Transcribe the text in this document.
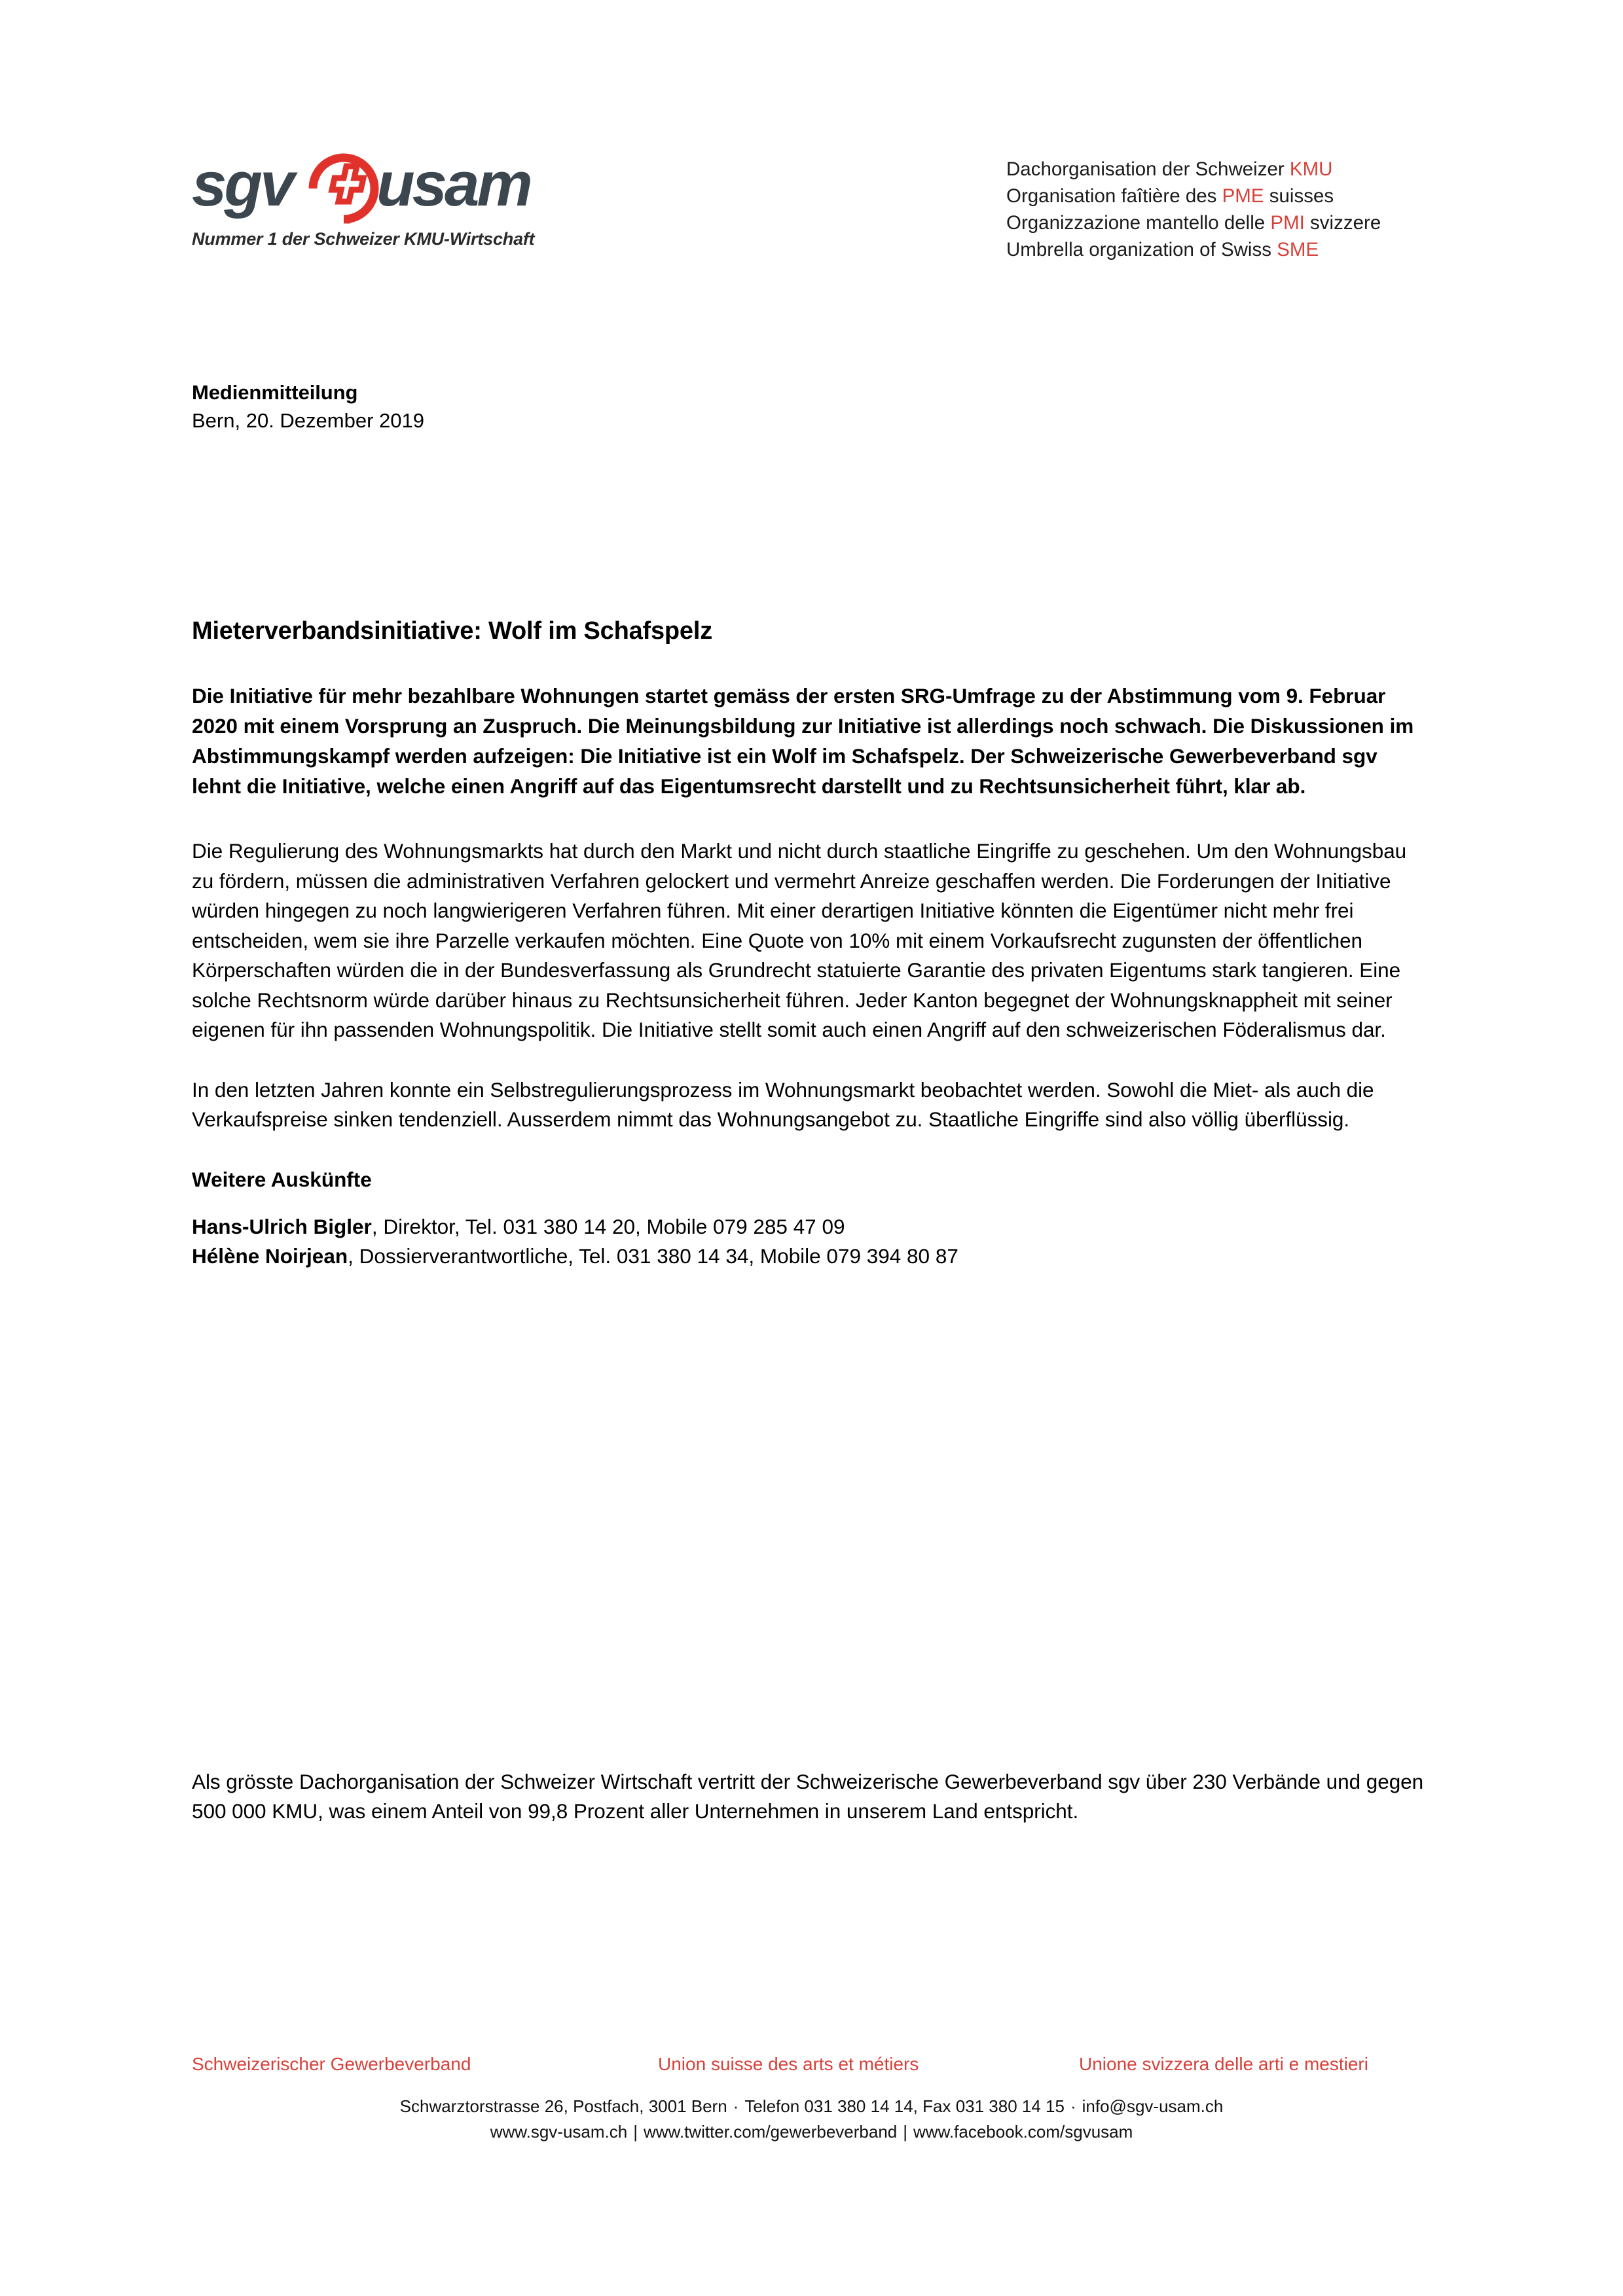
sgv usam
Nummer 1 der Schweizer KMU-Wirtschaft
Dachorganisation der Schweizer KMU
Organisation faîtière des PME suisses
Organizzazione mantello delle PMI svizzere
Umbrella organization of Swiss SME
Medienmitteilung
Bern, 20. Dezember 2019
Mieterverbandsinitiative: Wolf im Schafspelz

Die Initiative für mehr bezahlbare Wohnungen startet gemäss der ersten SRG-Umfrage zu der Abstimmung vom 9. Februar 2020 mit einem Vorsprung an Zuspruch. Die Meinungsbildung zur Initiative ist allerdings noch schwach. Die Diskussionen im Abstimmungskampf werden aufzeigen: Die Initiative ist ein Wolf im Schafspelz. Der Schweizerische Gewerbeverband sgv lehnt die Initiative, welche einen Angriff auf das Eigentumsrecht darstellt und zu Rechtsunsicherheit führt, klar ab.

Die Regulierung des Wohnungsmarkts hat durch den Markt und nicht durch staatliche Eingriffe zu geschehen. Um den Wohnungsbau zu fördern, müssen die administrativen Verfahren gelockert und vermehrt Anreize geschaffen werden. Die Forderungen der Initiative würden hingegen zu noch langwierigeren Verfahren führen. Mit einer derartigen Initiative könnten die Eigentümer nicht mehr frei entscheiden, wem sie ihre Parzelle verkaufen möchten. Eine Quote von 10% mit einem Vorkaufsrecht zugunsten der öffentlichen Körperschaften würden die in der Bundesverfassung als Grundrecht statuierte Garantie des privaten Eigentums stark tangieren. Eine solche Rechtsnorm würde darüber hinaus zu Rechtsunsicherheit führen. Jeder Kanton begegnet der Wohnungsknappheit mit seiner eigenen für ihn passenden Wohnungspolitik. Die Initiative stellt somit auch einen Angriff auf den schweizerischen Föderalismus dar.

In den letzten Jahren konnte ein Selbstregulierungsprozess im Wohnungsmarkt beobachtet werden. Sowohl die Miet- als auch die Verkaufspreise sinken tendenziell. Ausserdem nimmt das Wohnungsangebot zu. Staatliche Eingriffe sind also völlig überflüssig.

Weitere Auskünfte
Hans-Ulrich Bigler, Direktor, Tel. 031 380 14 20, Mobile 079 285 47 09
Hélène Noirjean, Dossierverantwortliche, Tel. 031 380 14 34, Mobile 079 394 80 87

Als grösste Dachorganisation der Schweizer Wirtschaft vertritt der Schweizerische Gewerbeverband sgv über 230 Verbände und gegen 500 000 KMU, was einem Anteil von 99,8 Prozent aller Unternehmen in unserem Land entspricht.

Schweizerischer Gewerbeverband	Union suisse des arts et métiers	Unione svizzera delle arti e mestieri
Schwarztorstrasse 26, Postfach, 3001 Bern · Telefon 031 380 14 14, Fax 031 380 14 15 · info@sgv-usam.ch
www.sgv-usam.ch | www.twitter.com/gewerbeverband | www.facebook.com/sgvusam
